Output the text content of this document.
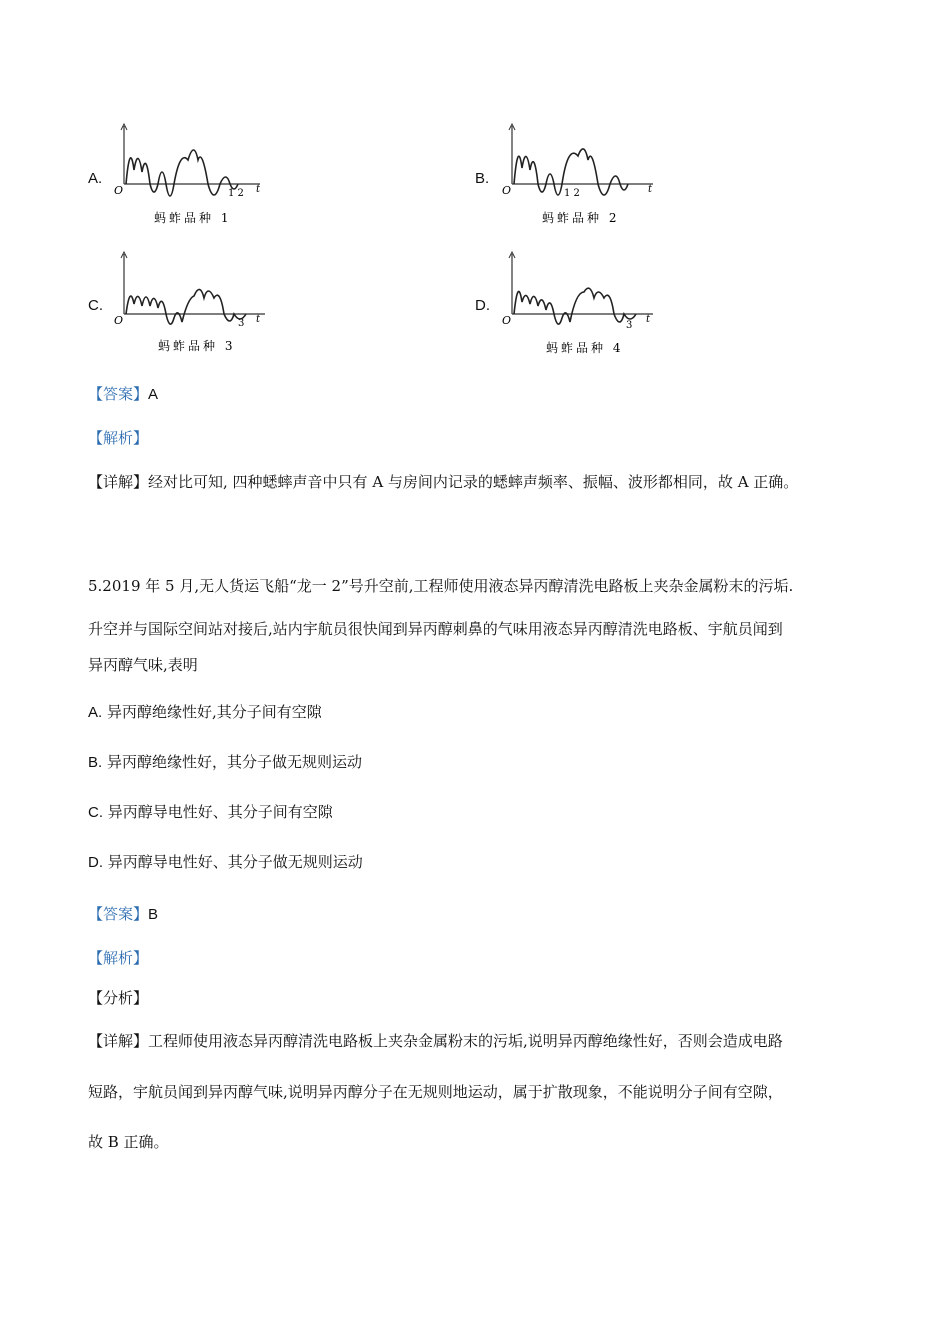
A.
O	1 2 t
蚂蚱品种 1
B.
O	1 2	t
蚂蚱品种 2
C.
O	3 t
蚂蚱品种 3
D.
O	3
t
蚂蚱品种 4
【答案】A
【解析】
【详解】经对比可知, 四种蟋蟀声音中只有 A 与房间内记录的蟋蟀声频率、振幅、波形都相同，故 A 正确。
5.2019 年 5 月,无人货运飞船“龙一 2”号升空前,工程师使用液态异丙醇清洗电路板上夹杂金属粉末的污垢.
升空并与国际空间站对接后,站内宇航员很快闻到异丙醇刺鼻的气味用液态异丙醇清洗电路板、宇航员闻到
异丙醇气味,表明
A. 异丙醇绝缘性好,其分子间有空隙
B. 异丙醇绝缘性好，其分子做无规则运动
C. 异丙醇导电性好、其分子间有空隙
D. 异丙醇导电性好、其分子做无规则运动
【答案】B
【解析】
【分析】
【详解】工程师使用液态异丙醇清洗电路板上夹杂金属粉末的污垢,说明异丙醇绝缘性好，否则会造成电路
短路，宇航员闻到异丙醇气味,说明异丙醇分子在无规则地运动，属于扩散现象，不能说明分子间有空隙，
故 B 正确。
